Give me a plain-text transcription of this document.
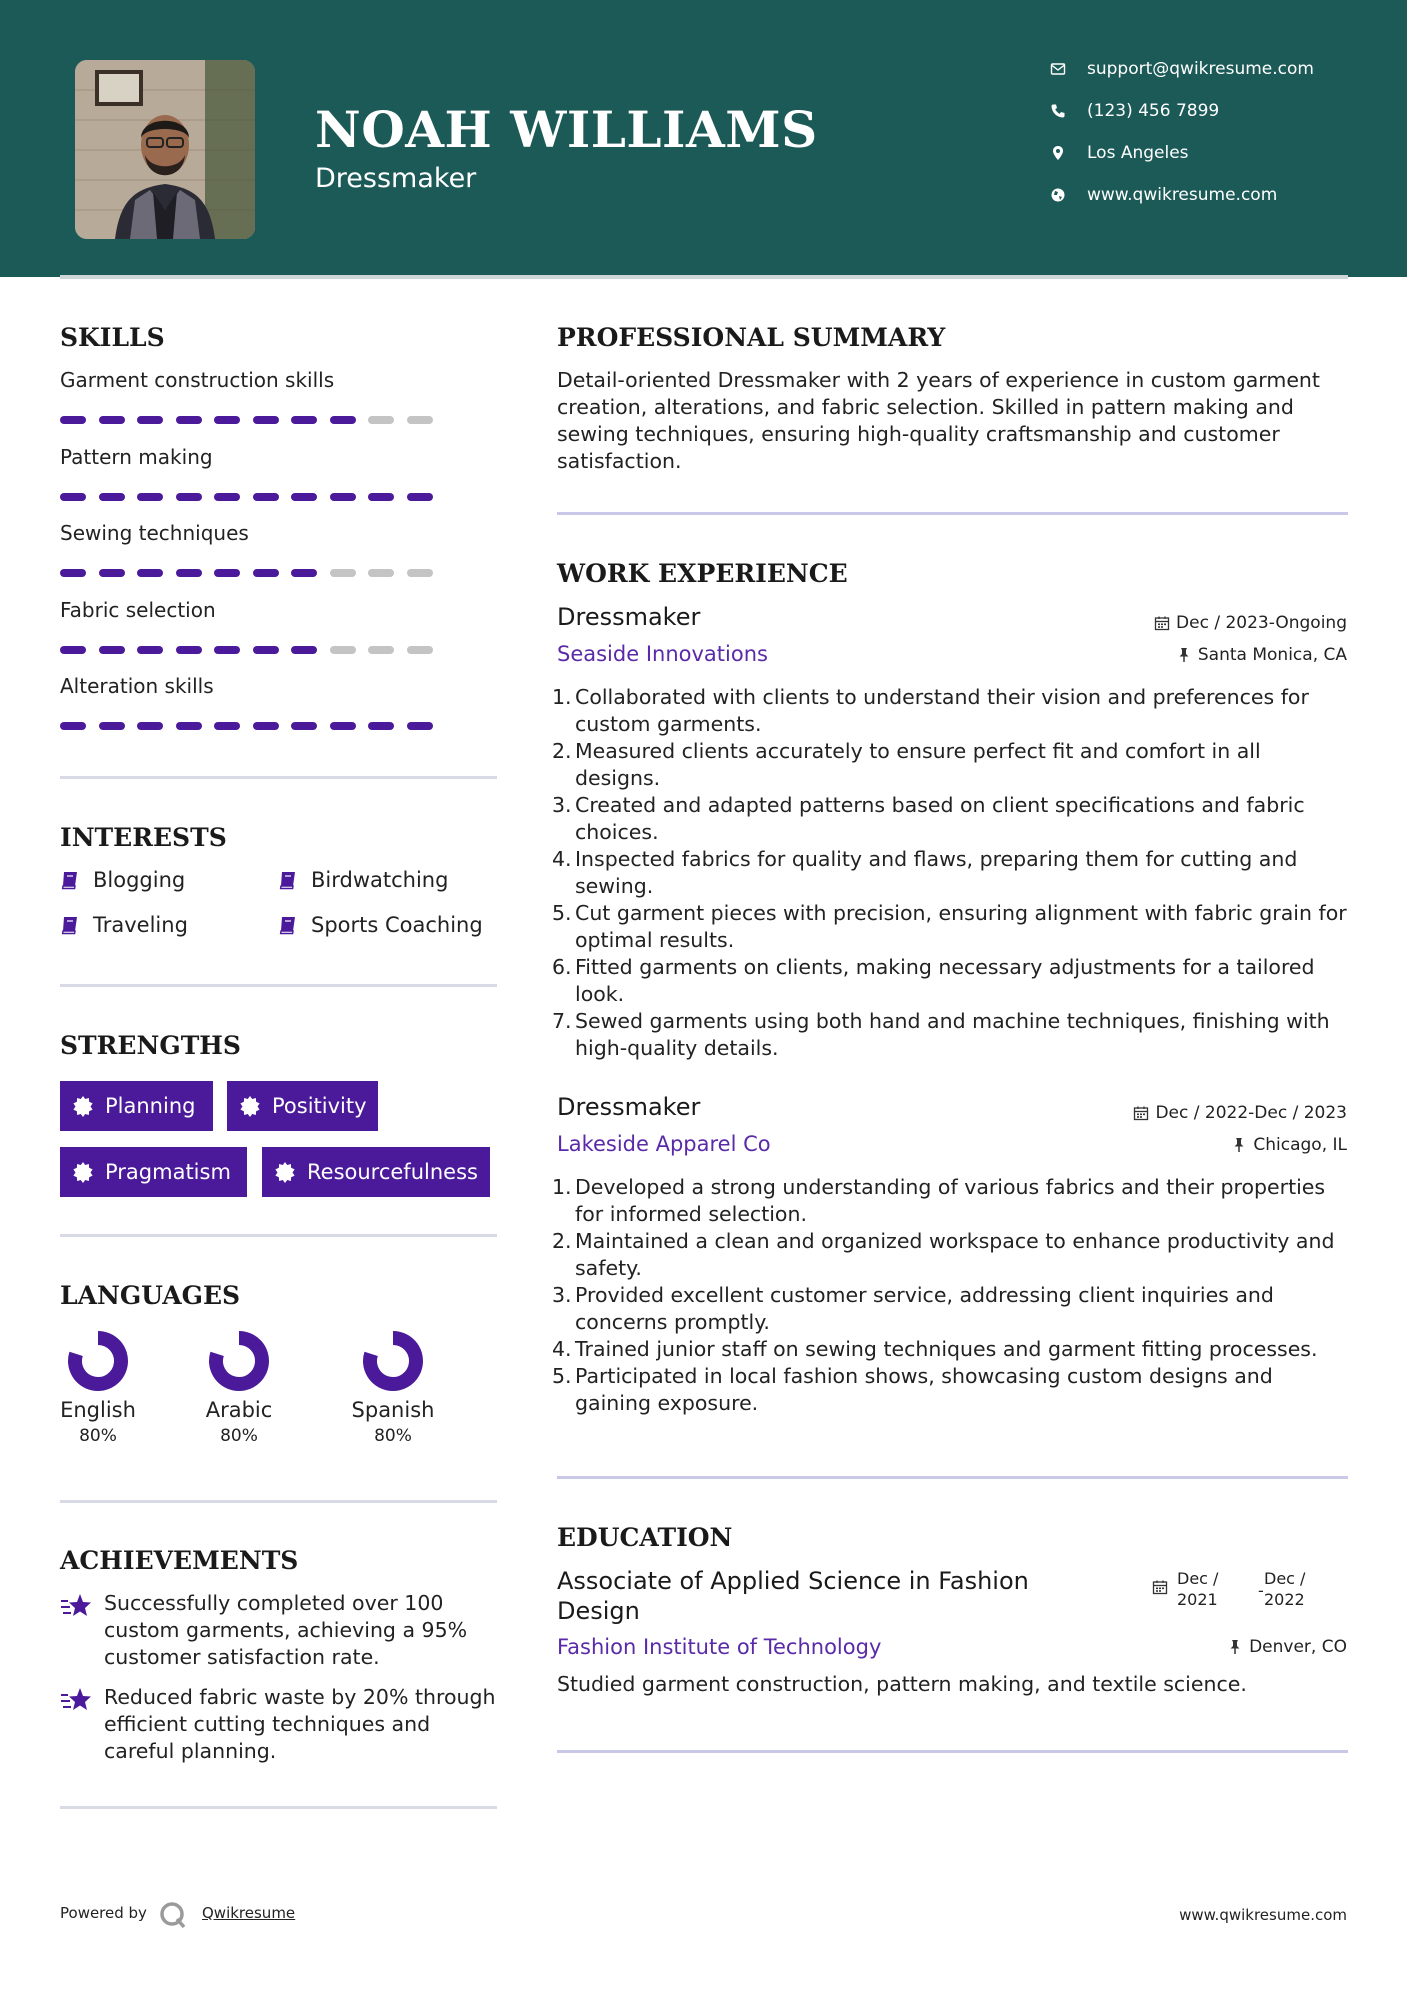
NOAH WILLIAMS
Dressmaker
support@qwikresume.com
(123) 456 7899
Los Angeles
www.qwikresume.com
SKILLS
Garment construction skills
Pattern making
Sewing techniques
Fabric selection
Alteration skills
INTERESTS
Blogging	Birdwatching
Traveling	Sports Coaching
STRENGTHS
Planning	Positivity
Pragmatism	Resourcefulness
LANGUAGES
English
80%
Arabic
80%
Spanish
80%
ACHIEVEMENTS
Successfully completed over 100 custom garments, achieving a 95% customer satisfaction rate.
Reduced fabric waste by 20% through efficient cutting techniques and careful planning.
PROFESSIONAL SUMMARY
Detail-oriented Dressmaker with 2 years of experience in custom garment creation, alterations, and fabric selection. Skilled in pattern making and sewing techniques, ensuring high-quality craftsmanship and customer satisfaction.
WORK EXPERIENCE
Dressmaker	Dec / 2023-Ongoing
Seaside Innovations	Santa Monica, CA
1. Collaborated with clients to understand their vision and preferences for custom garments.
2. Measured clients accurately to ensure perfect fit and comfort in all designs.
3. Created and adapted patterns based on client specifications and fabric choices.
4. Inspected fabrics for quality and flaws, preparing them for cutting and sewing.
5. Cut garment pieces with precision, ensuring alignment with fabric grain for optimal results.
6. Fitted garments on clients, making necessary adjustments for a tailored look.
7. Sewed garments using both hand and machine techniques, finishing with high-quality details.
Dressmaker	Dec / 2022-Dec / 2023
Lakeside Apparel Co	Chicago, IL
1. Developed a strong understanding of various fabrics and their properties for informed selection.
2. Maintained a clean and organized workspace to enhance productivity and safety.
3. Provided excellent customer service, addressing client inquiries and concerns promptly.
4. Trained junior staff on sewing techniques and garment fitting processes.
5. Participated in local fashion shows, showcasing custom designs and gaining exposure.
EDUCATION
Associate of Applied Science in Fashion Design
Dec /
2021	-
Dec /
2022
Fashion Institute of Technology	Denver, CO
Studied garment construction, pattern making, and textile science.
Powered by	Qwikresume	www.qwikresume.com
